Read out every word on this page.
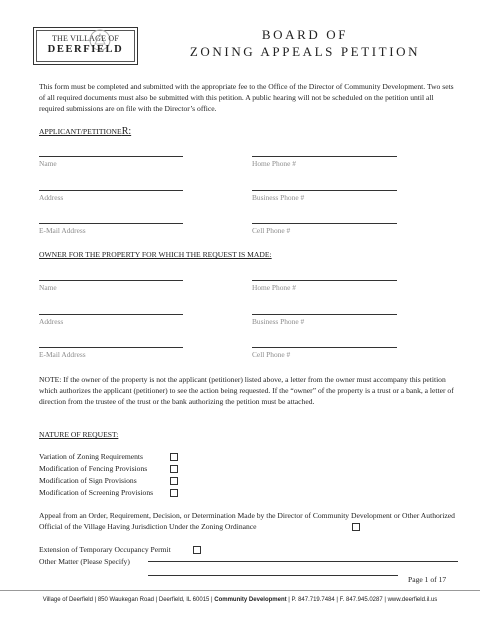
THE VILLAGE OF
DEERFIELD
BOARD OF
ZONING APPEALS PETITION
This form must be completed and submitted with the appropriate fee to the Office of the Director of Community Development. Two sets of all required documents must also be submitted with this petition. A public hearing will not be scheduled on the petition until all required submissions are on file with the Director’s office.
APPLICANT/PETITIONER:
Name	Home Phone #
Address	Business Phone #
E-Mail Address	Cell Phone #
OWNER FOR THE PROPERTY FOR WHICH THE REQUEST IS MADE:
Name	Home Phone #
Address	Business Phone #
E-Mail Address	Cell Phone #
NOTE: If the owner of the property is not the applicant (petitioner) listed above, a letter from the owner must accompany this petition which authorizes the applicant (petitioner) to see the action being requested. If the “owner” of the property is a trust or a bank, a letter of direction from the trustee of the trust or the bank authorizing the petition must be attached.
NATURE OF REQUEST:
Variation of Zoning Requirements
Modification of Fencing Provisions
Modification of Sign Provisions
Modification of Screening Provisions
Appeal from an Order, Requirement, Decision, or Determination Made by the Director of Community Development or Other Authorized Official of the Village Having Jurisdiction Under the Zoning Ordinance
Extension of Temporary Occupancy Permit
Other Matter (Please Specify)
Page 1 of 17
Village of Deerfield | 850 Waukegan Road | Deerfield, IL 60015 | Community Development | P. 847.719.7484 | F. 847.945.0287 | www.deerfield.il.us
